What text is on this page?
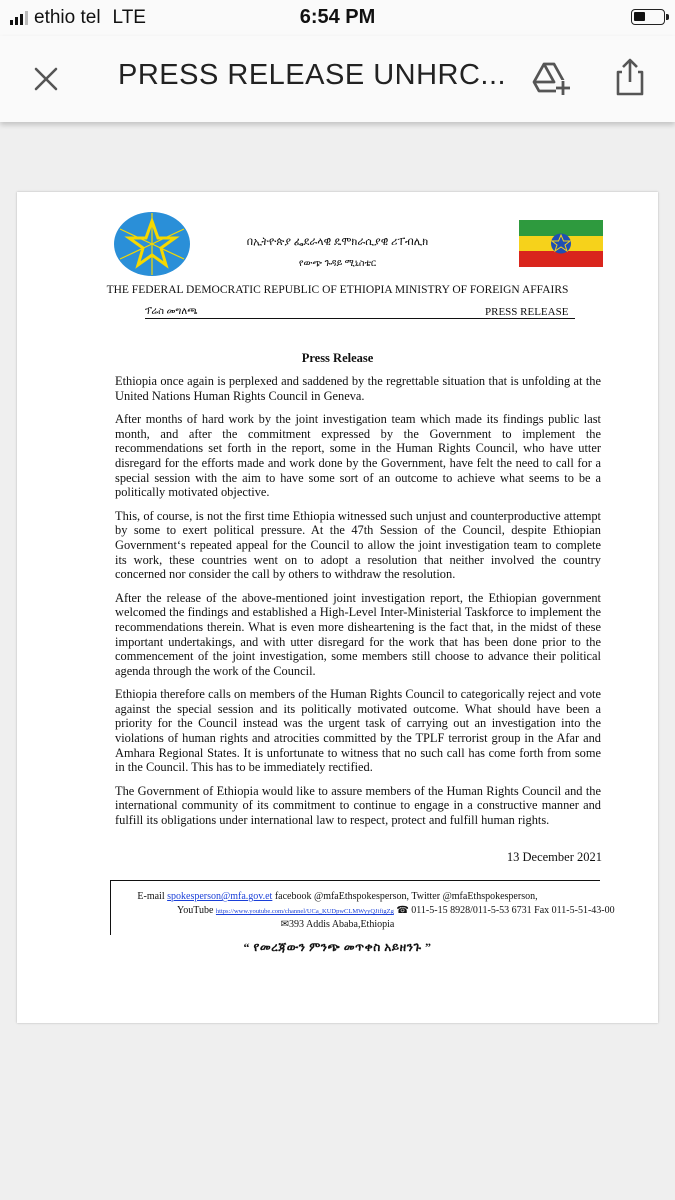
ethio tel LTE	6:54 PM
PRESS RELEASE UNHRC...
በኢትዮጵያ ፌደራላዊ ዴሞክራሲያዊ ሪፐብሊክ
የውጭ ጉዳይ ሚኒስቴር
THE FEDERAL DEMOCRATIC REPUBLIC OF ETHIOPIA MINISTRY OF FOREIGN AFFAIRS
ፕሬስ መግለጫ	PRESS RELEASE
Press Release

Ethiopia once again is perplexed and saddened by the regrettable situation that is unfolding at the United Nations Human Rights Council in Geneva.

After months of hard work by the joint investigation team which made its findings public last month, and after the commitment expressed by the Government to implement the recommendations set forth in the report, some in the Human Rights Council, who have utter disregard for the efforts made and work done by the Government, have felt the need to call for a special session with the aim to have some sort of an outcome to achieve what seems to be a politically motivated objective.

This, of course, is not the first time Ethiopia witnessed such unjust and counterproductive attempt by some to exert political pressure. At the 47th Session of the Council, despite Ethiopian Government‘s repeated appeal for the Council to allow the joint investigation team to complete its work, these countries went on to adopt a resolution that neither involved the country concerned nor consider the call by others to withdraw the resolution.

After the release of the above-mentioned joint investigation report, the Ethiopian government welcomed the findings and established a High-Level Inter-Ministerial Taskforce to implement the recommendations therein. What is even more disheartening is the fact that, in the midst of these important undertakings, and with utter disregard for the work that has been done prior to the commencement of the joint investigation, some members still choose to advance their political agenda through the work of the Council.

Ethiopia therefore calls on members of the Human Rights Council to categorically reject and vote against the special session and its politically motivated outcome. What should have been a priority for the Council instead was the urgent task of carrying out an investigation into the violations of human rights and atrocities committed by the TPLF terrorist group in the Afar and Amhara Regional States. It is unfortunate to witness that no such call has come forth from some in the Council. This has to be immediately rectified.

The Government of Ethiopia would like to assure members of the Human Rights Council and the international community of its commitment to continue to engage in a constructive manner and fulfill its obligations under international law to respect, protect and fulfill human rights.

13 December 2021
E-mail spokesperson@mfa.gov.et facebook @mfaEthspokesperson, Twitter @mfaEthspokesperson,
YouTube https://www.youtube.com/channel/UCa_KUDpwCLMWyyQJifigZg ☎ 011-5-15 8928/011-5-53 6731 Fax 011-5-51-43-00
✉393 Addis Ababa,Ethiopia
“ የመረጃውን ምንጭ መጥቀስ አይዘንጉ ”
